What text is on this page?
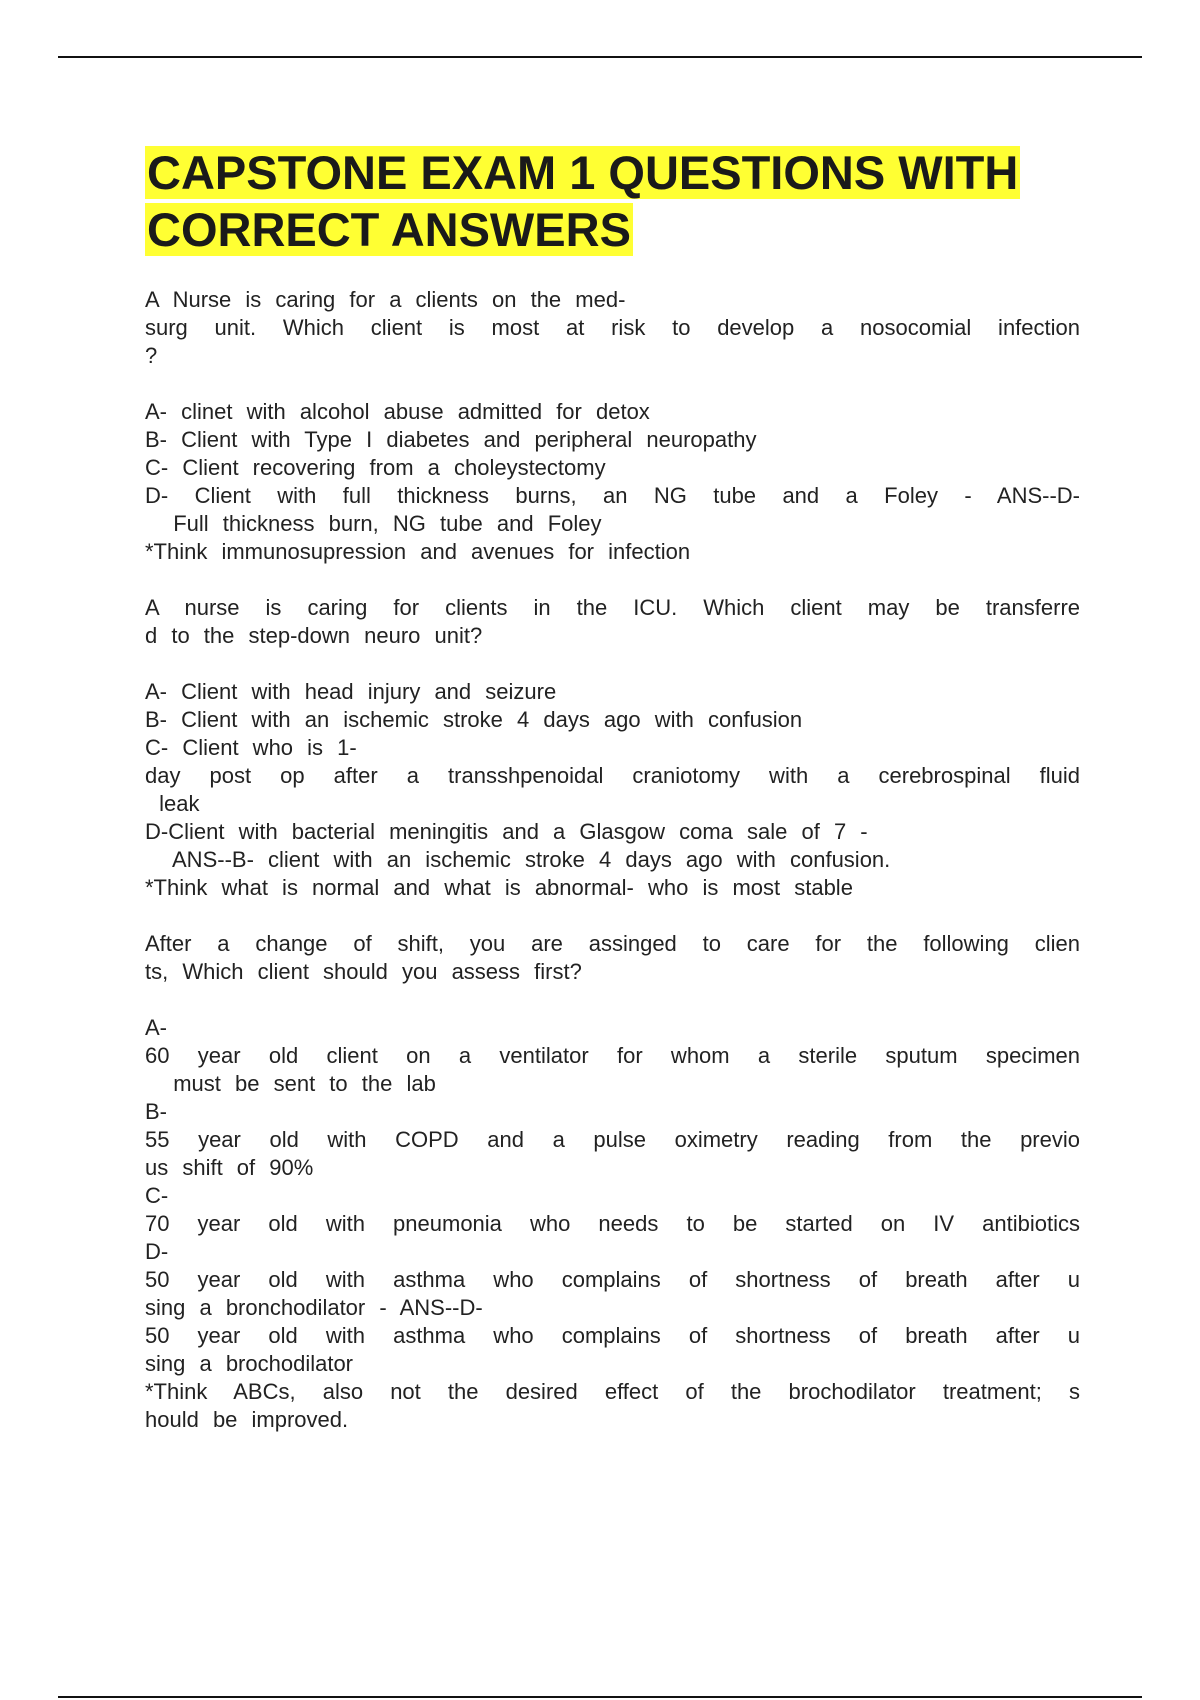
CAPSTONE EXAM 1 QUESTIONS WITH
CORRECT ANSWERS
A Nurse is caring for a clients on the med-
surg unit. Which client is most at risk to develop a nosocomial infection
?
A- clinet with alcohol abuse admitted for detox
B- Client with Type I diabetes and peripheral neuropathy
C- Client recovering from a choleystectomy
D- Client with full thickness burns, an NG tube and a Foley - ANS--D-
Full thickness burn, NG tube and Foley
*Think immunosupression and avenues for infection
A nurse is caring for clients in the ICU. Which client may be transferre
d to the step-down neuro unit?
A- Client with head injury and seizure
B- Client with an ischemic stroke 4 days ago with confusion
C- Client who is 1-
day post op after a transshpenoidal craniotomy with a cerebrospinal fluid
leak
D-Client with bacterial meningitis and a Glasgow coma sale of 7 -
ANS--B- client with an ischemic stroke 4 days ago with confusion.
*Think what is normal and what is abnormal- who is most stable
After a change of shift, you are assinged to care for the following clien
ts, Which client should you assess first?
A-
60 year old client on a ventilator for whom a sterile sputum specimen
must be sent to the lab
B-
55 year old with COPD and a pulse oximetry reading from the previo
us shift of 90%
C-
70 year old with pneumonia who needs to be started on IV antibiotics
D-
50 year old with asthma who complains of shortness of breath after u
sing a bronchodilator - ANS--D-
50 year old with asthma who complains of shortness of breath after u
sing a brochodilator
*Think ABCs, also not the desired effect of the brochodilator treatment; s
hould be improved.
